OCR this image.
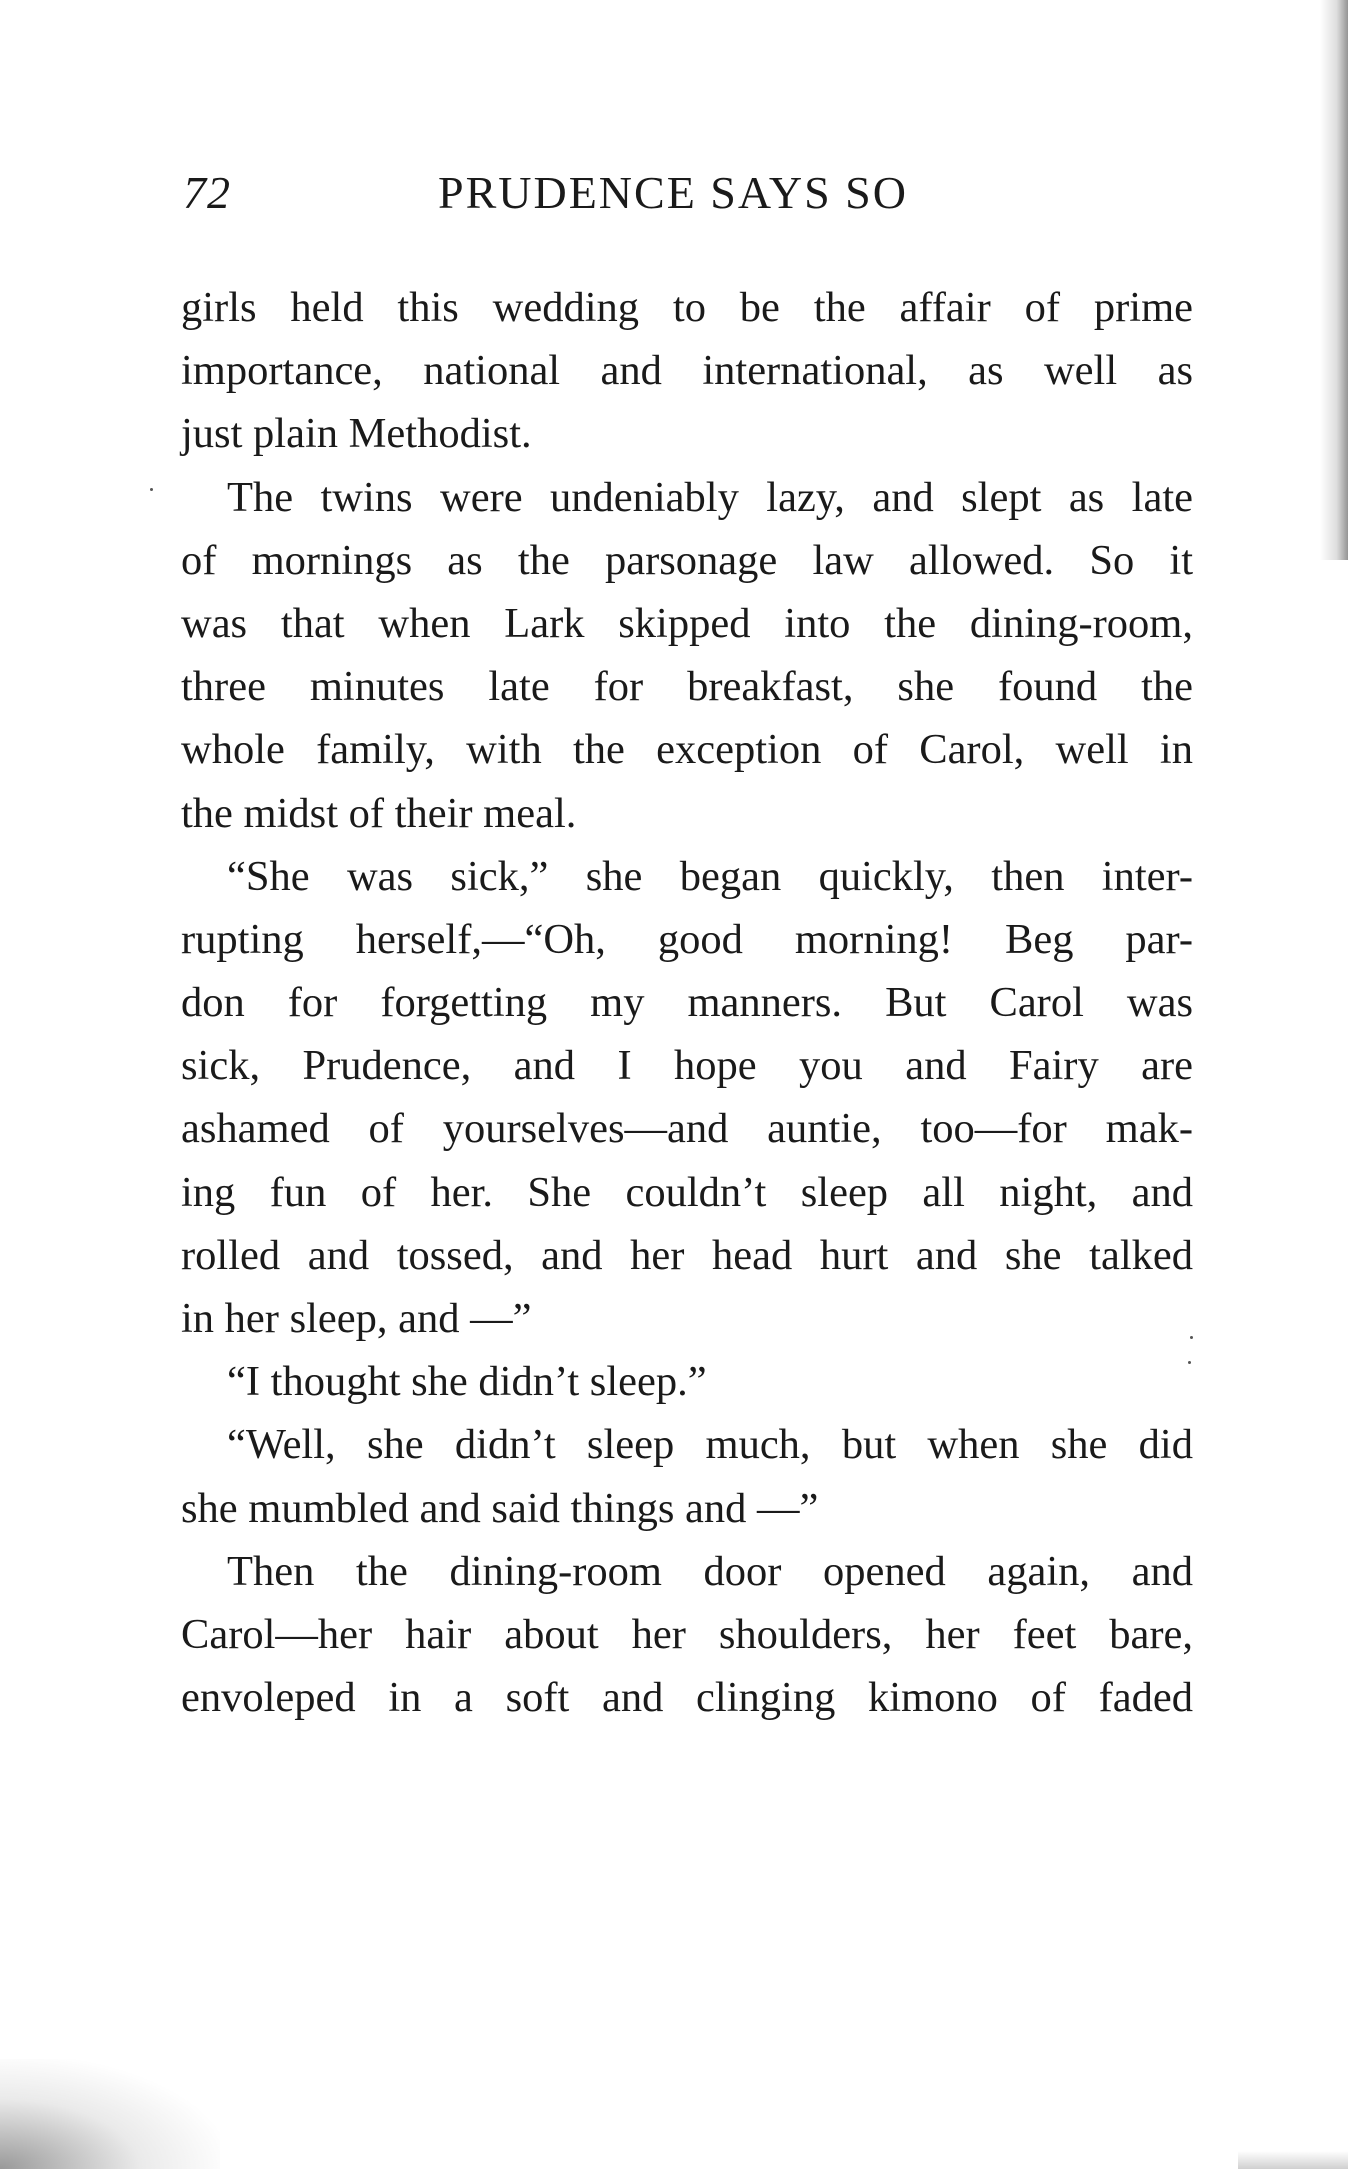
72	PRUDENCE SAYS SO
girls held this wedding to be the affair of prime
importance, national and international, as well as
just plain Methodist.
The twins were undeniably lazy, and slept as late
of mornings as the parsonage law allowed. So it
was that when Lark skipped into the dining-room,
three minutes late for breakfast, she found the
whole family, with the exception of Carol, well in
the midst of their meal.
“She was sick,” she began quickly, then inter-
rupting herself,—“Oh, good morning! Beg par-
don for forgetting my manners. But Carol was
sick, Prudence, and I hope you and Fairy are
ashamed of yourselves—and auntie, too—for mak-
ing fun of her. She couldn’t sleep all night, and
rolled and tossed, and her head hurt and she talked
in her sleep, and —”
“I thought she didn’t sleep.”
“Well, she didn’t sleep much, but when she did
she mumbled and said things and —”
Then the dining-room door opened again, and
Carol—her hair about her shoulders, her feet bare,
envoleped in a soft and clinging kimono of faded
